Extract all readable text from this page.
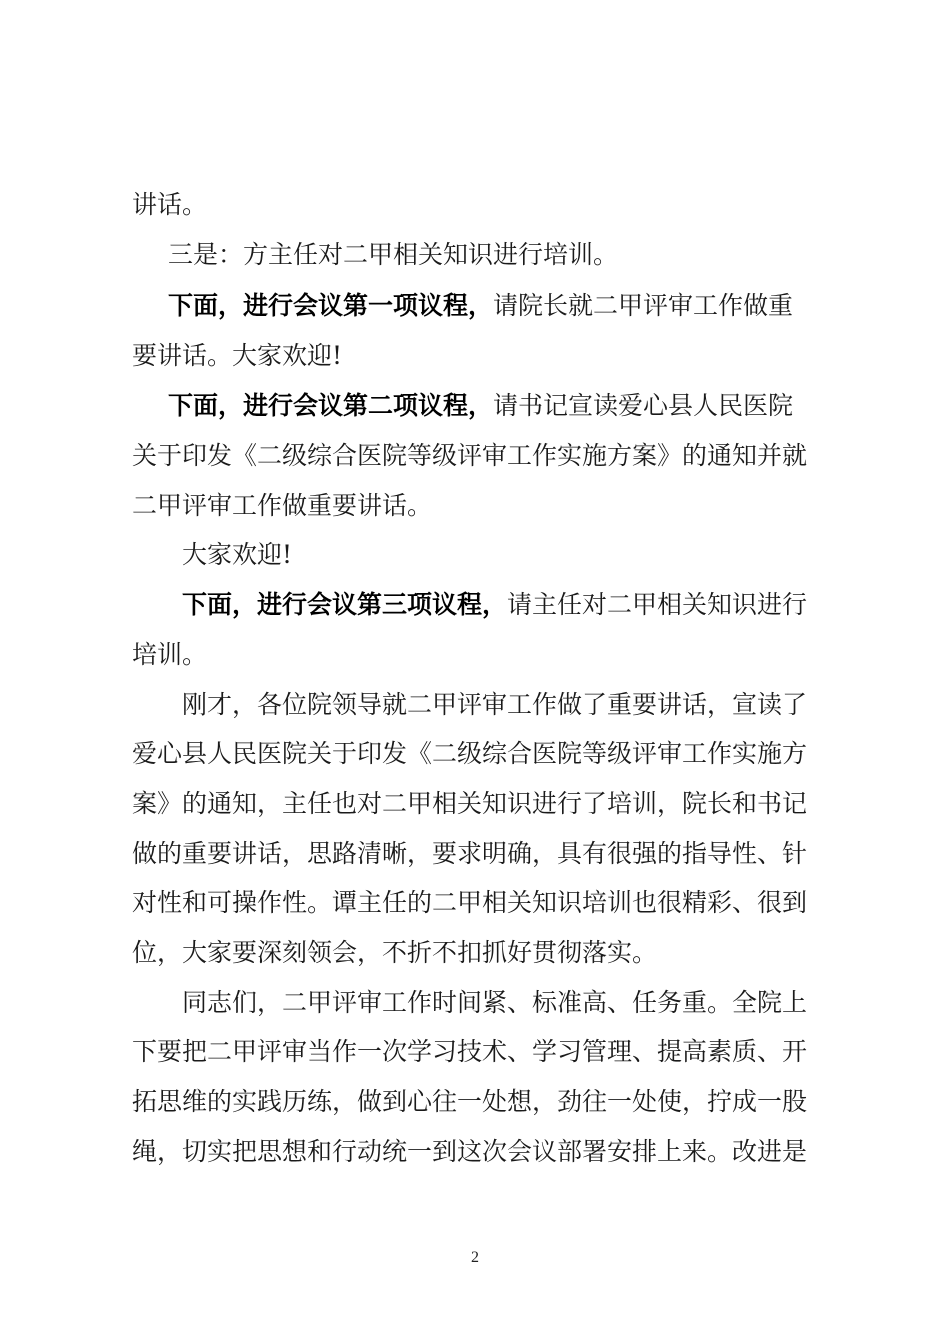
讲话。
三是：方主任对二甲相关知识进行培训。
下面，进行会议第一项议程，请院长就二甲评审工作做重
要讲话。大家欢迎!
下面，进行会议第二项议程，请书记宣读爱心县人民医院
关于印发《二级综合医院等级评审工作实施方案》的通知并就
二甲评审工作做重要讲话。
大家欢迎!
下面，进行会议第三项议程，请主任对二甲相关知识进行
培训。
刚才，各位院领导就二甲评审工作做了重要讲话，宣读了
爱心县人民医院关于印发《二级综合医院等级评审工作实施方
案》的通知，主任也对二甲相关知识进行了培训，院长和书记
做的重要讲话，思路清晰，要求明确，具有很强的指导性、针
对性和可操作性。谭主任的二甲相关知识培训也很精彩、很到
位，大家要深刻领会，不折不扣抓好贯彻落实。
同志们，二甲评审工作时间紧、标准高、任务重。全院上
下要把二甲评审当作一次学习技术、学习管理、提高素质、开
拓思维的实践历练，做到心往一处想，劲往一处使，拧成一股
绳，切实把思想和行动统一到这次会议部署安排上来。改进是
2
